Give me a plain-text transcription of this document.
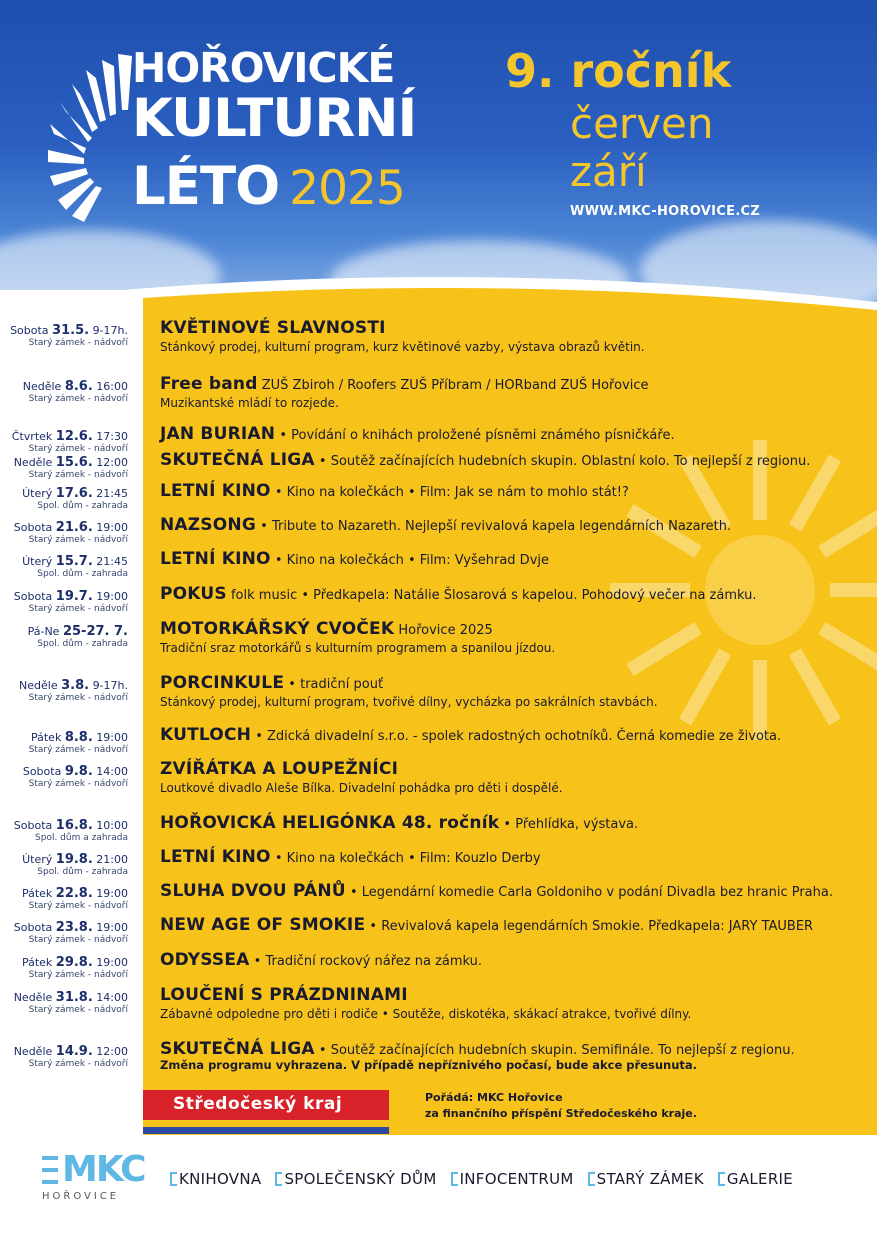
HOŘOVICKÉ
KULTURNÍ
LÉTO 2025
9. ročník
červen
září
WWW.MKC-HOROVICE.CZ
Sobota 31.5. 9-17h.
Starý zámek - nádvoří
KVĚTINOVÉ SLAVNOSTI
Stánkový prodej, kulturní program, kurz květinové vazby, výstava obrazů květin.
Neděle 8.6. 16:00
Starý zámek - nádvoří
Free band ZUŠ Zbiroh / Roofers ZUŠ Příbram / HORband ZUŠ Hořovice
Muzikantské mládí to rozjede.
Čtvrtek 12.6. 17:30
Starý zámek - nádvoří
JAN BURIAN • Povídání o knihách proložené písněmi známého písničkáře.
Neděle 15.6. 12:00
Starý zámek - nádvoří
SKUTEČNÁ LIGA • Soutěž začínajících hudebních skupin. Oblastní kolo. To nejlepší z regionu.
Úterý 17.6. 21:45
Spol. dům - zahrada
LETNÍ KINO • Kino na kolečkách • Film: Jak se nám to mohlo stát!?
Sobota 21.6. 19:00
Starý zámek - nádvoří
NAZSONG • Tribute to Nazareth. Nejlepší revivalová kapela legendárních Nazareth.
Úterý 15.7. 21:45
Spol. dům - zahrada
LETNÍ KINO • Kino na kolečkách • Film: Vyšehrad Dvje
Sobota 19.7. 19:00
Starý zámek - nádvoří
POKUS folk music • Předkapela: Natálie Šlosarová s kapelou. Pohodový večer na zámku.
Pá-Ne 25-27. 7.
Spol. dům - zahrada
MOTORKÁŘSKÝ CVOČEK Hořovice 2025
Tradiční sraz motorkářů s kulturním programem a spanilou jízdou.
Neděle 3.8. 9-17h.
Starý zámek - nádvoří
PORCINKULE • tradiční pouť
Stánkový prodej, kulturní program, tvořivé dílny, vycházka po sakrálních stavbách.
Pátek 8.8. 19:00
Starý zámek - nádvoří
KUTLOCH • Zdická divadelní s.r.o. - spolek radostných ochotníků. Černá komedie ze života.
Sobota 9.8. 14:00
Starý zámek - nádvoří
ZVÍŘÁTKA A LOUPEŽNÍCI
Loutkové divadlo Aleše Bílka. Divadelní pohádka pro děti i dospělé.
Sobota 16.8. 10:00
Spol. dům a zahrada
HOŘOVICKÁ HELIGÓNKA 48. ročník • Přehlídka, výstava.
Úterý 19.8. 21:00
Spol. dům - zahrada
LETNÍ KINO • Kino na kolečkách • Film: Kouzlo Derby
Pátek 22.8. 19:00
Starý zámek - nádvoří
SLUHA DVOU PÁNŮ • Legendární komedie Carla Goldoniho v podání Divadla bez hranic Praha.
Sobota 23.8. 19:00
Starý zámek - nádvoří
NEW AGE OF SMOKIE • Revivalová kapela legendárních Smokie. Předkapela: JARY TAUBER
Pátek 29.8. 19:00
Starý zámek - nádvoří
ODYSSEA • Tradiční rockový nářez na zámku.
Neděle 31.8. 14:00
Starý zámek - nádvoří
LOUČENÍ S PRÁZDNINAMI
Zábavné odpoledne pro děti i rodiče • Soutěže, diskotéka, skákací atrakce, tvořivé dílny.
Neděle 14.9. 12:00
Starý zámek - nádvoří
SKUTEČNÁ LIGA • Soutěž začínajících hudebních skupin. Semifinále. To nejlepší z regionu.
Změna programu vyhrazena. V případě nepříznivého počasí, bude akce přesunuta.
Středočeský kraj	Pořádá: MKC Hořovice
za finančního příspění Středočeského kraje.
MKC
HOŘOVICE
KNIHOVNA SPOLEČENSKÝ DŮM INFOCENTRUM STARÝ ZÁMEK GALERIE
